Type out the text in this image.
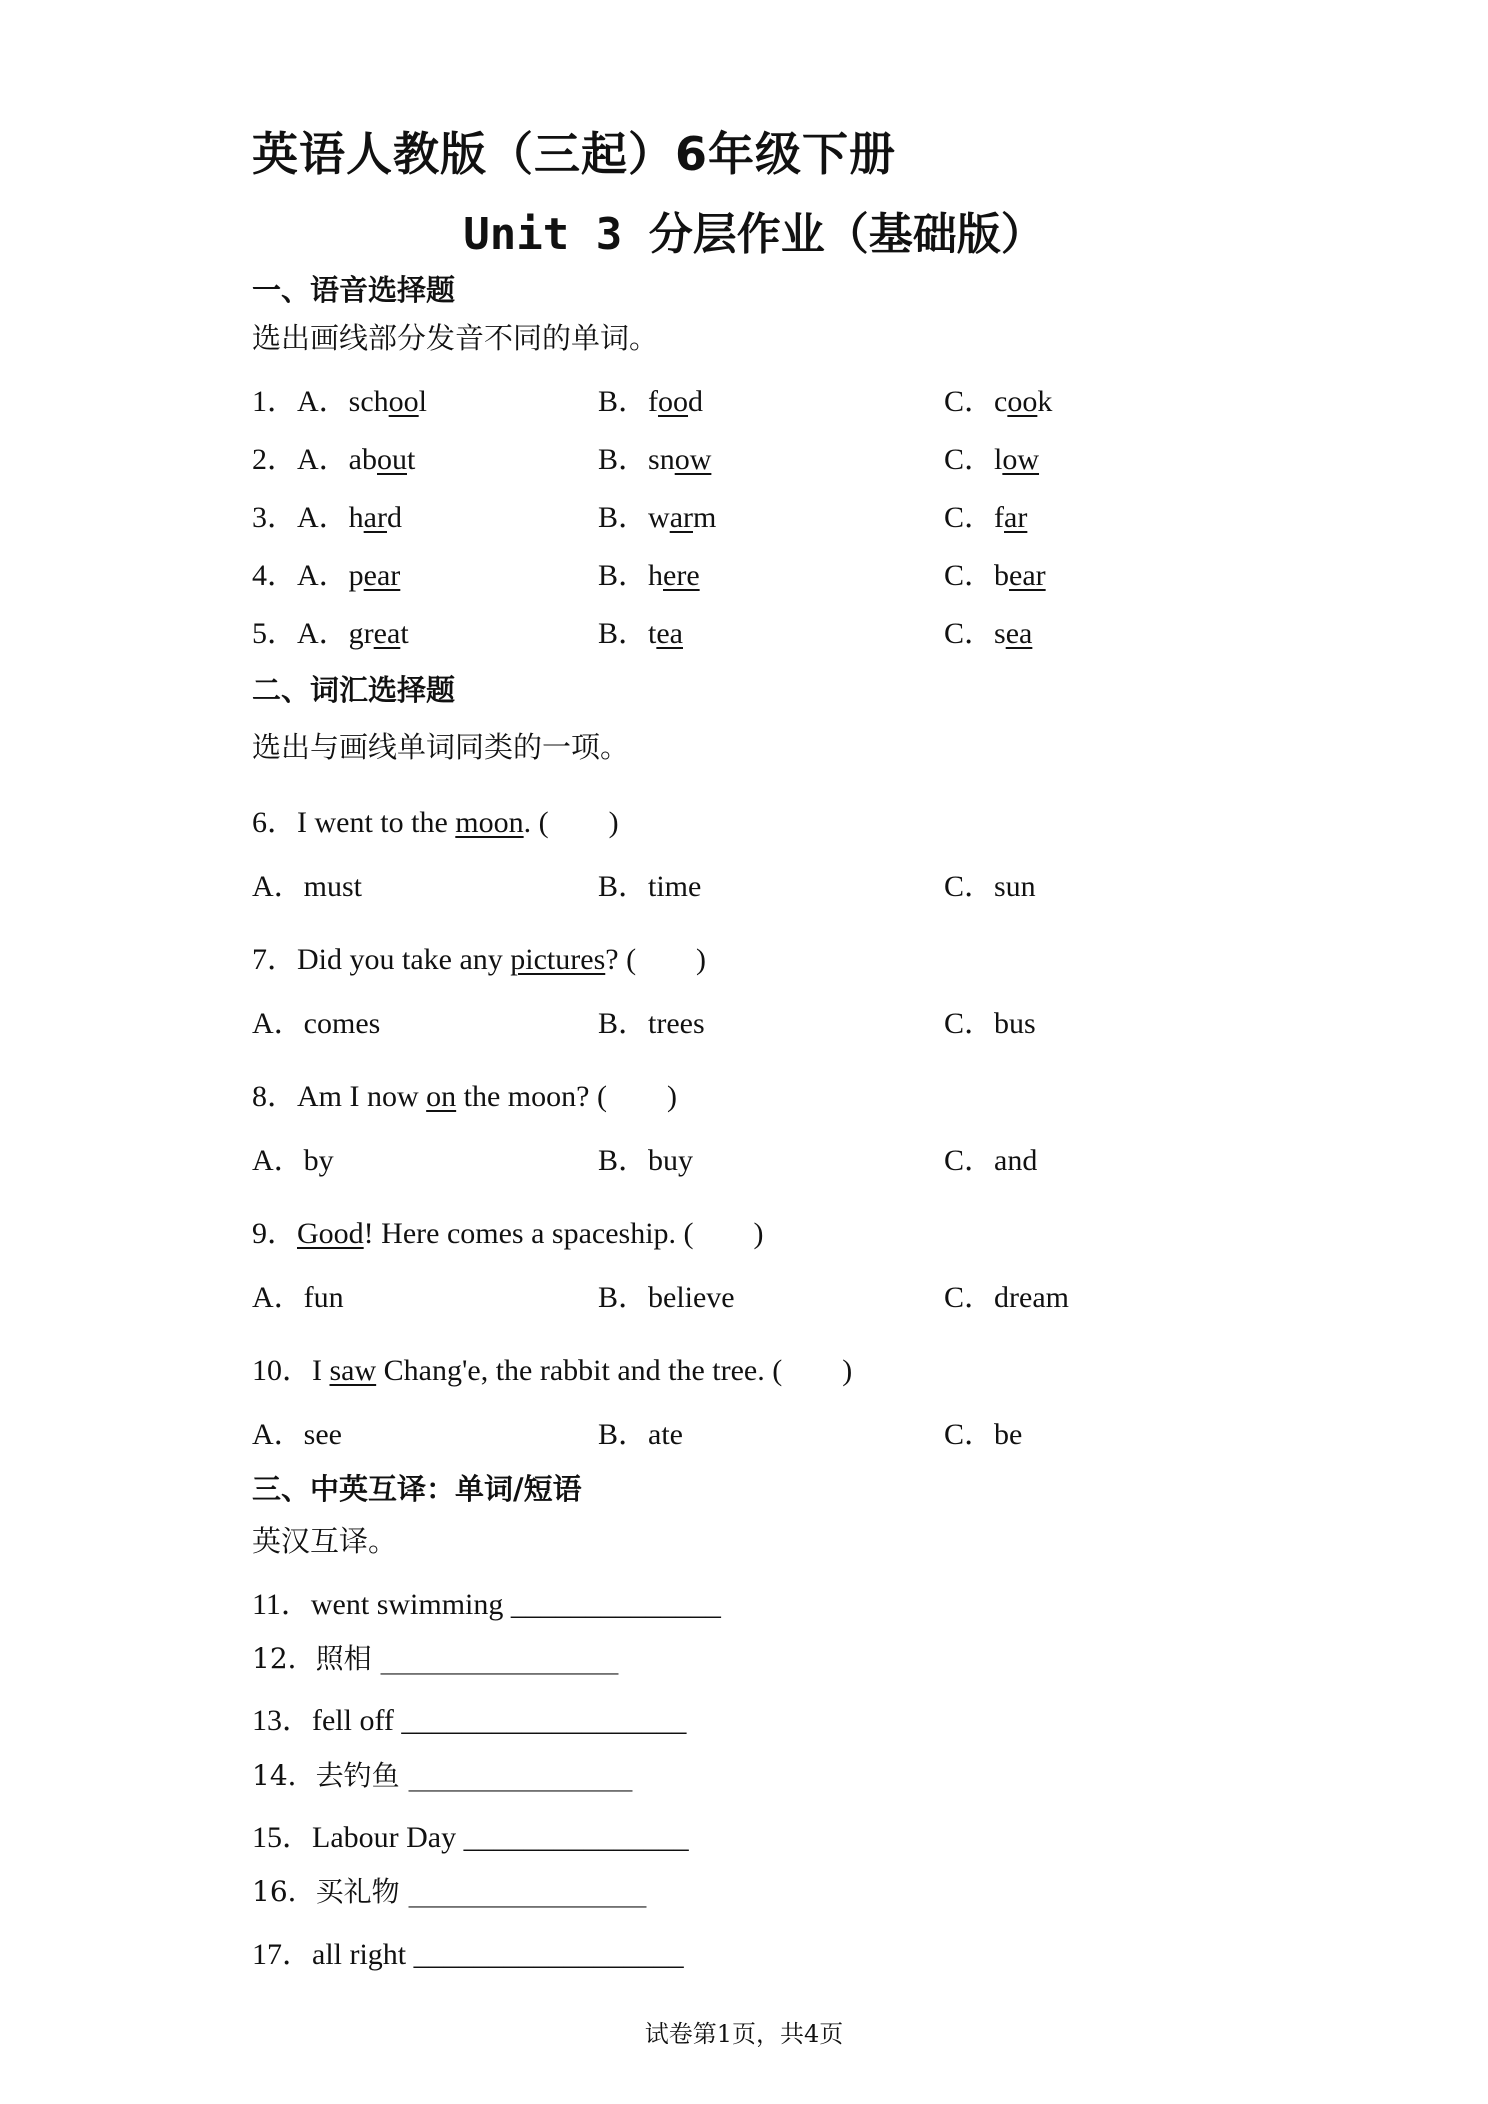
英语人教版（三起）6年级下册
Unit 3 分层作业（基础版）
一、语音选择题
选出画线部分发音不同的单词。
1．A．school	B．food	C．cook
2．A．about	B．snow	C．low
3．A．hard	B．warm	C．far
4．A．pear	B．here	C．bear
5．A．great	B．tea	C．sea
二、词汇选择题
选出与画线单词同类的一项。
6．I went to the moon. (　　)
A．must	B．time	C．sun
7．Did you take any pictures? (　　)
A．comes	B．trees	C．bus
8．Am I now on the moon? (　　)
A．by	B．buy	C．and
9．Good! Here comes a spaceship. (　　)
A．fun	B．believe	C．dream
10．I saw Chang'e, the rabbit and the tree. (　　)
A．see	B．ate	C．be
三、中英互译：单词/短语
英汉互译。
11．went swimming ______________
12．照相 _________________
13．fell off ___________________
14．去钓鱼 ________________
15．Labour Day _______________
16．买礼物 _________________
17．all right __________________
试卷第1页，共4页
